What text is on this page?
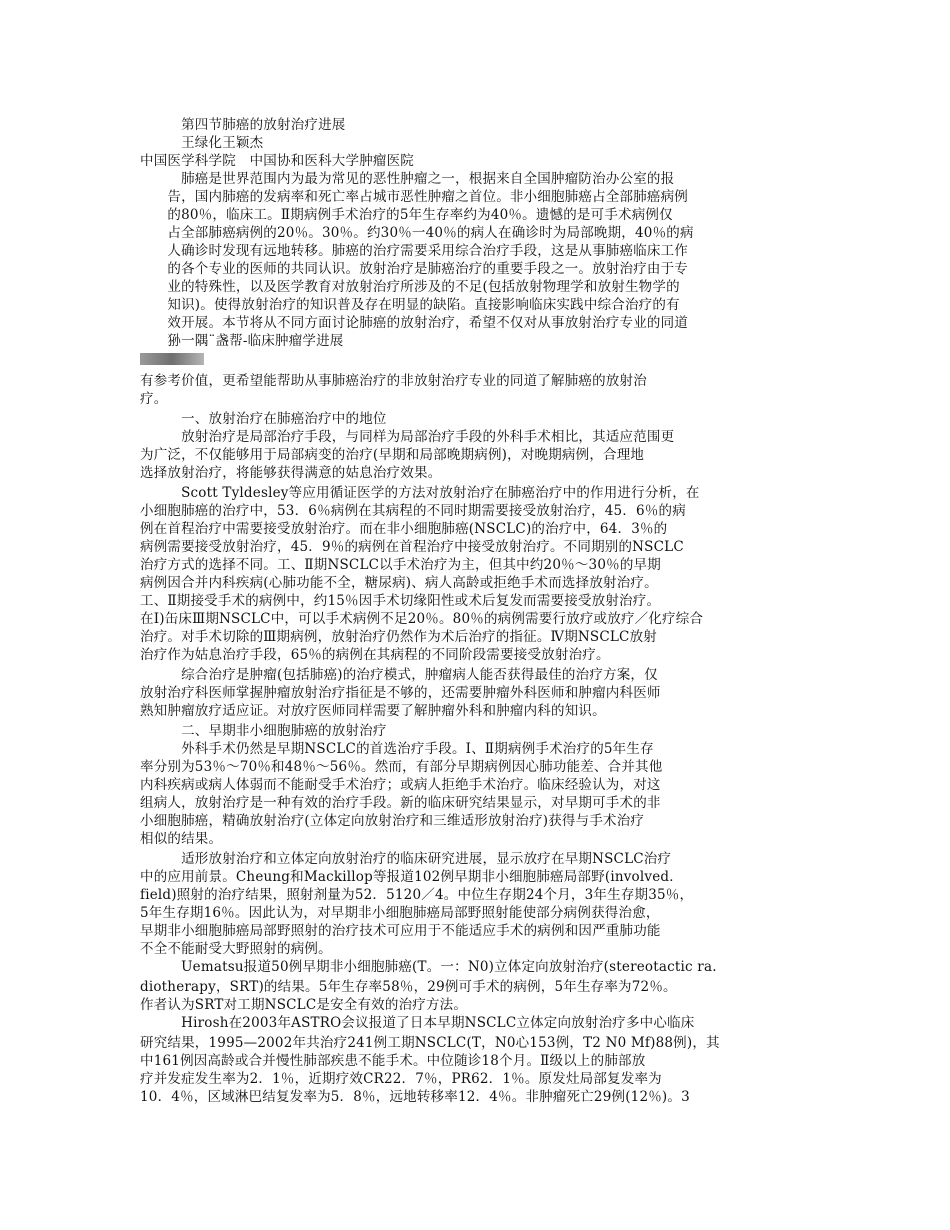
　　　第四节肺癌的放射治疗进展
　　　王绿化王颖杰
中国医学科学院　中国协和医科大学肿瘤医院
　　　肺癌是世界范围内为最为常见的恶性肿瘤之一，根据来自全国肿瘤防治办公室的报
　　告，国内肺癌的发病率和死亡率占城市恶性肿瘤之首位。非小细胞肺癌占全部肺癌病例
　　的80％，临床工。Ⅱ期病例手术治疗的5年生存率约为40％。遗憾的是可手术病例仅
　　占全部肺癌病例的20％。30％。约30％一40％的病人在确诊时为局部晚期，40％的病
　　人确诊时发现有远地转移。肺癌的治疗需要采用综合治疗手段，这是从事肺癌临床工作
　　的各个专业的医师的共同认识。放射治疗是肺癌治疗的重要手段之一。放射治疗由于专
　　业的特殊性，以及医学教育对放射治疗所涉及的不足(包括放射物理学和放射生物学的
　　知识)。使得放射治疗的知识普及存在明显的缺陷。直接影响临床实践中综合治疗的有
　　效开展。本节将从不同方面讨论肺癌的放射治疗，希望不仅对从事放射治疗专业的同道
　　狲一隅¨盏帮-临床肿瘤学进展
有参考价值，更希望能帮助从事肺癌治疗的非放射治疗专业的同道了解肺癌的放射治
疗。
　　　一、放射治疗在肺癌治疗中的地位
　　　放射治疗是局部治疗手段，与同样为局部治疗手段的外科手术相比，其适应范围更
为广泛，不仅能够用于局部病变的治疗(早期和局部晚期病例)，对晚期病例，合理地
选择放射治疗，将能够获得满意的姑息治疗效果。
　　　Scott Tyldesley等应用循证医学的方法对放射治疗在肺癌治疗中的作用进行分析，在
小细胞肺癌的治疗中，53．6％病例在其病程的不同时期需要接受放射治疗，45．6％的病
例在首程治疗中需要接受放射治疗。而在非小细胞肺癌(NSCLC)的治疗中，64．3％的
病例需要接受放射治疗，45．9％的病例在首程治疗中接受放射治疗。不同期别的NSCLC
治疗方式的选择不同。工、Ⅱ期NSCLC以手术治疗为主，但其中约20％～30％的早期
病例因合并内科疾病(心肺功能不全，糖尿病)、病人高龄或拒绝手术而选择放射治疗。
工、Ⅱ期接受手术的病例中，约15％因手术切缘阳性或术后复发而需要接受放射治疗。
在Ⅰ)缶床Ⅲ期NSCLC中，可以手术病例不足20％。80％的病例需要行放疗或放疗／化疗综合
治疗。对手术切除的Ⅲ期病例，放射治疗仍然作为术后治疗的指征。Ⅳ期NSCLC放射
治疗作为姑息治疗手段，65％的病例在其病程的不同阶段需要接受放射治疗。
　　　综合治疗是肿瘤(包括肺癌)的治疗模式，肿瘤病人能否获得最佳的治疗方案，仅
放射治疗科医师掌握肿瘤放射治疗指征是不够的，还需要肿瘤外科医师和肿瘤内科医师
熟知肿瘤放疗适应证。对放疗医师同样需要了解肿瘤外科和肿瘤内科的知识。
　　　二、早期非小细胞肺癌的放射治疗
　　　外科手术仍然是早期NSCLC的首选治疗手段。I、Ⅱ期病例手术治疗的5年生存
率分别为53％～70％和48％～56％。然而，有部分早期病例因心肺功能差、合并其他
内科疾病或病人体弱而不能耐受手术治疗；或病人拒绝手术治疗。临床经验认为，对这
组病人，放射治疗是一种有效的治疗手段。新的临床研究结果显示，对早期可手术的非
小细胞肺癌，精确放射治疗(立体定向放射治疗和三维适形放射治疗)获得与手术治疗
相似的结果。
　　　适形放射治疗和立体定向放射治疗的临床研究进展，显示放疗在早期NSCLC治疗
中的应用前景。Cheung和Mackillop等报道102例早期非小细胞肺癌局部野(involved．
field)照射的治疗结果，照射剂量为52．5120／4。中位生存期24个月，3年生存期35％，
5年生存期16％。因此认为，对早期非小细胞肺癌局部野照射能使部分病例获得治愈，
早期非小细胞肺癌局部野照射的治疗技术可应用于不能适应手术的病例和因严重肺功能
不全不能耐受大野照射的病例。
　　　Uematsu报道50例早期非小细胞肺癌(T。一：N0)立体定向放射治疗(stereotactic ra.
diotherapy，SRT)的结果。5年生存率58％，29例可手术的病例，5年生存率为72％。
作者认为SRT对工期NSCLC是安全有效的治疗方法。
　　　Hirosh在2003年ASTRO会议报道了日本早期NSCLC立体定向放射治疗多中心临床
研究结果，1995—2002年共治疗241例工期NSCLC(T，N0心153例，T2 N0 Mf)88例)，其
中161例因高龄或合并慢性肺部疾患不能手术。中位随诊18个月。Ⅱ级以上的肺部放
疗并发症发生率为2．1％，近期疗效CR22．7％，PR62．1％。原发灶局部复发率为
10．4％，区域淋巴结复发率为5．8％，远地转移率12．4％。非肿瘤死亡29例(12％)。3
